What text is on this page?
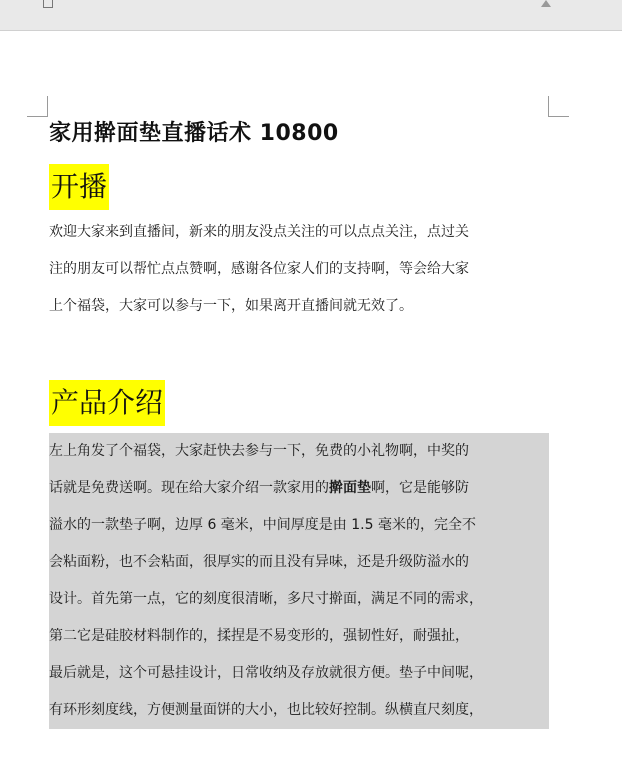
家用擀面垫直播话术 10800
开播
欢迎大家来到直播间，新来的朋友没点关注的可以点点关注，点过关
注的朋友可以帮忙点点赞啊，感谢各位家人们的支持啊，等会给大家
上个福袋，大家可以参与一下，如果离开直播间就无效了。
产品介绍
左上角发了个福袋，大家赶快去参与一下，免费的小礼物啊，中奖的
话就是免费送啊。现在给大家介绍一款家用的擀面垫啊，它是能够防
溢水的一款垫子啊，边厚 6 毫米，中间厚度是由 1.5 毫米的，完全不
会粘面粉，也不会粘面，很厚实的而且没有异味，还是升级防溢水的
设计。首先第一点，它的刻度很清晰，多尺寸擀面，满足不同的需求，
第二它是硅胶材料制作的，揉捏是不易变形的，强韧性好，耐强扯，
最后就是，这个可悬挂设计，日常收纳及存放就很方便。垫子中间呢，
有环形刻度线，方便测量面饼的大小，也比较好控制。纵横直尺刻度，
